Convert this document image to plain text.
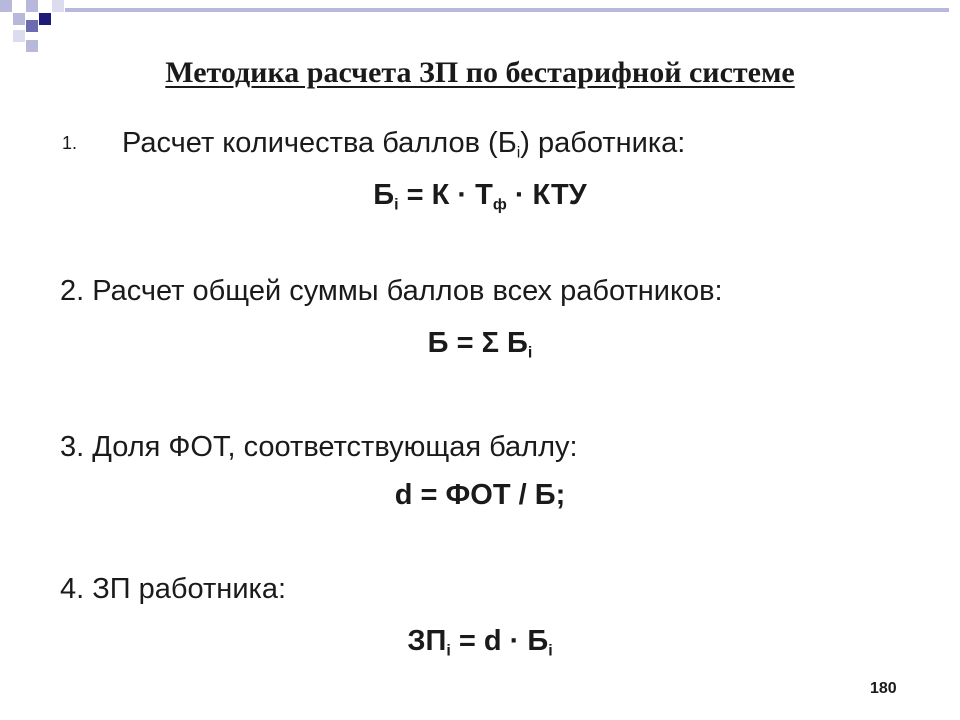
Методика расчета ЗП по бестарифной системе
1. Расчет количества баллов $(Б_i)$ работника:
$Б_i = К \cdot Т_ф$ · КТУ
2. Расчет общей суммы баллов всех работников:
Б = Σ $Б_i$
3. Доля ФОТ, соответствующая баллу:
d = ФОТ / Б;
4. ЗП работника:
$ЗП_i = d \cdot Б_i$
180
